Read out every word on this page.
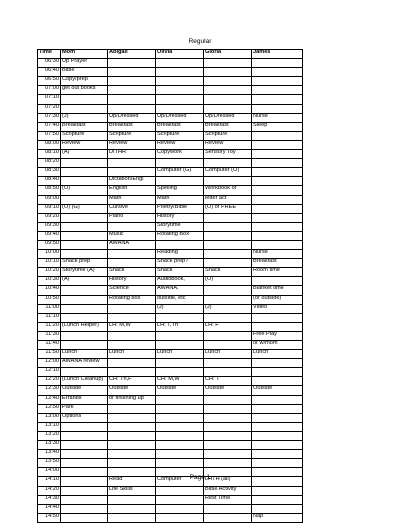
Regular
Time	Mom	Abigail	Olivia	Gloria	James
06:30	Up Prayer				
06:40	Bible				
06:50	Copy/prep				
07:00	get out books				
07:10					
07:20					
07:30	(J)	Up/Dressed	Up/Dressed	Up/Dressed	Nurse
07:40	Breakfast	Breakfast	Breakfast	Breakfast	Sleep
07:50	Scripture	Scripture	Scripture	Scripture	
08:00	Review	Review	Review	Review	
08:10	(A)	DITHR	Copywork	Sensory Toy	
08:20					
08:30			Computer (G)	Computer (O)	
08:40		Dictation/Engl			
08:50	(O)	English	Spelling	Workbook or	
09:00		Math	Math	letter act	
09:10	(O) (G)	Cursive	Poetry/Bible	(O) or FREE	
09:20		Piano	History		
09:30			Storytime		
09:40		Music	Rotating Box		
09:50		AWANA			
10:00			Reading		Nurse
10:10	Snack prep		Snack prep?		Breakfast
10:20	Storytime (A)	Snack	Snack	Snack	Room time
10:30	(A)	History	Audiobook,	(O)	
10:40		Science	AWANA,		Blanket time
10:50		Rotating box	outside, etc		(or outside)
11:00			(J)	(J)	Video
11:10					
11:20	(Lunch Helper)	LH: M,W	LH: T,Th	LH: F	
11:30					Free Play
11:40					or w/mom
11:50	Lunch	Lunch	Lunch	Lunch	Lunch
12:00	AWANA review				
12:10					
12:20	(Lunch Cleanup)	CH: Th,F	CH: M,W	CH: T	
12:30	Outside	Outside	Outside	Outside	Outside
12:40	Errands	or finishing up			
12:50	Park				
13:00	Options				
13:10					
13:20					
13:30					
13:40					
13:50					
14:00					
14:10		Read	Computer	LHTH (all)	
14:20		Life Skills		Bible Activity	
14:30				Rest Time	
14:40					
14:50					Nap
Page 1
